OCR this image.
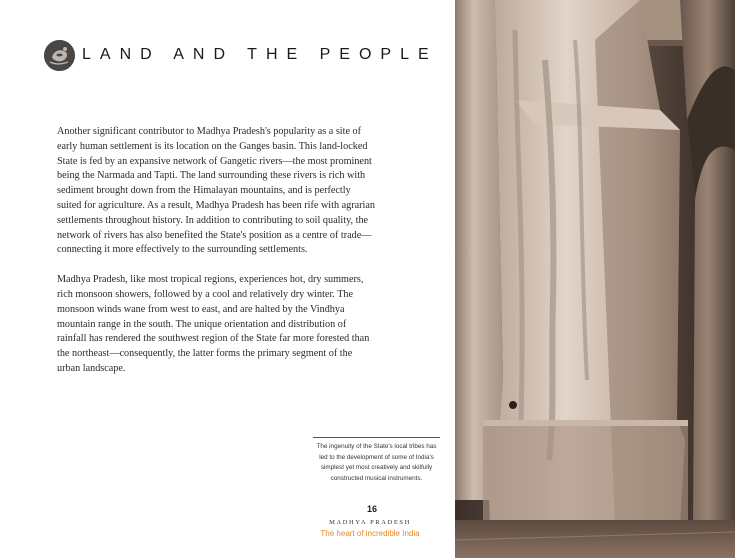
LAND AND THE PEOPLE

Another significant contributor to Madhya Pradesh's popularity as a site of early human settlement is its location on the Ganges basin. This land-locked State is fed by an expansive network of Gangetic rivers—the most prominent being the Narmada and Tapti. The land surrounding these rivers is rich with sediment brought down from the Himalayan mountains, and is perfectly suited for agriculture. As a result, Madhya Pradesh has been rife with agrarian settlements throughout history. In addition to contributing to soil quality, the network of rivers has also benefited the State's position as a centre of trade—connecting it more effectively to the surrounding settlements.

Madhya Pradesh, like most tropical regions, experiences hot, dry summers, rich monsoon showers, followed by a cool and relatively dry winter. The monsoon winds wane from west to east, and are halted by the Vindhya mountain range in the south. The unique orientation and distribution of rainfall has rendered the southwest region of the State far more forested than the northeast—consequently, the latter forms the primary segment of the urban landscape.

The ingenuity of the State's local tribes has led to the development of some of India's simplest yet most creatively and skilfully constructed musical instruments.
16
MADHYA PRADESH
The heart of incredible India
